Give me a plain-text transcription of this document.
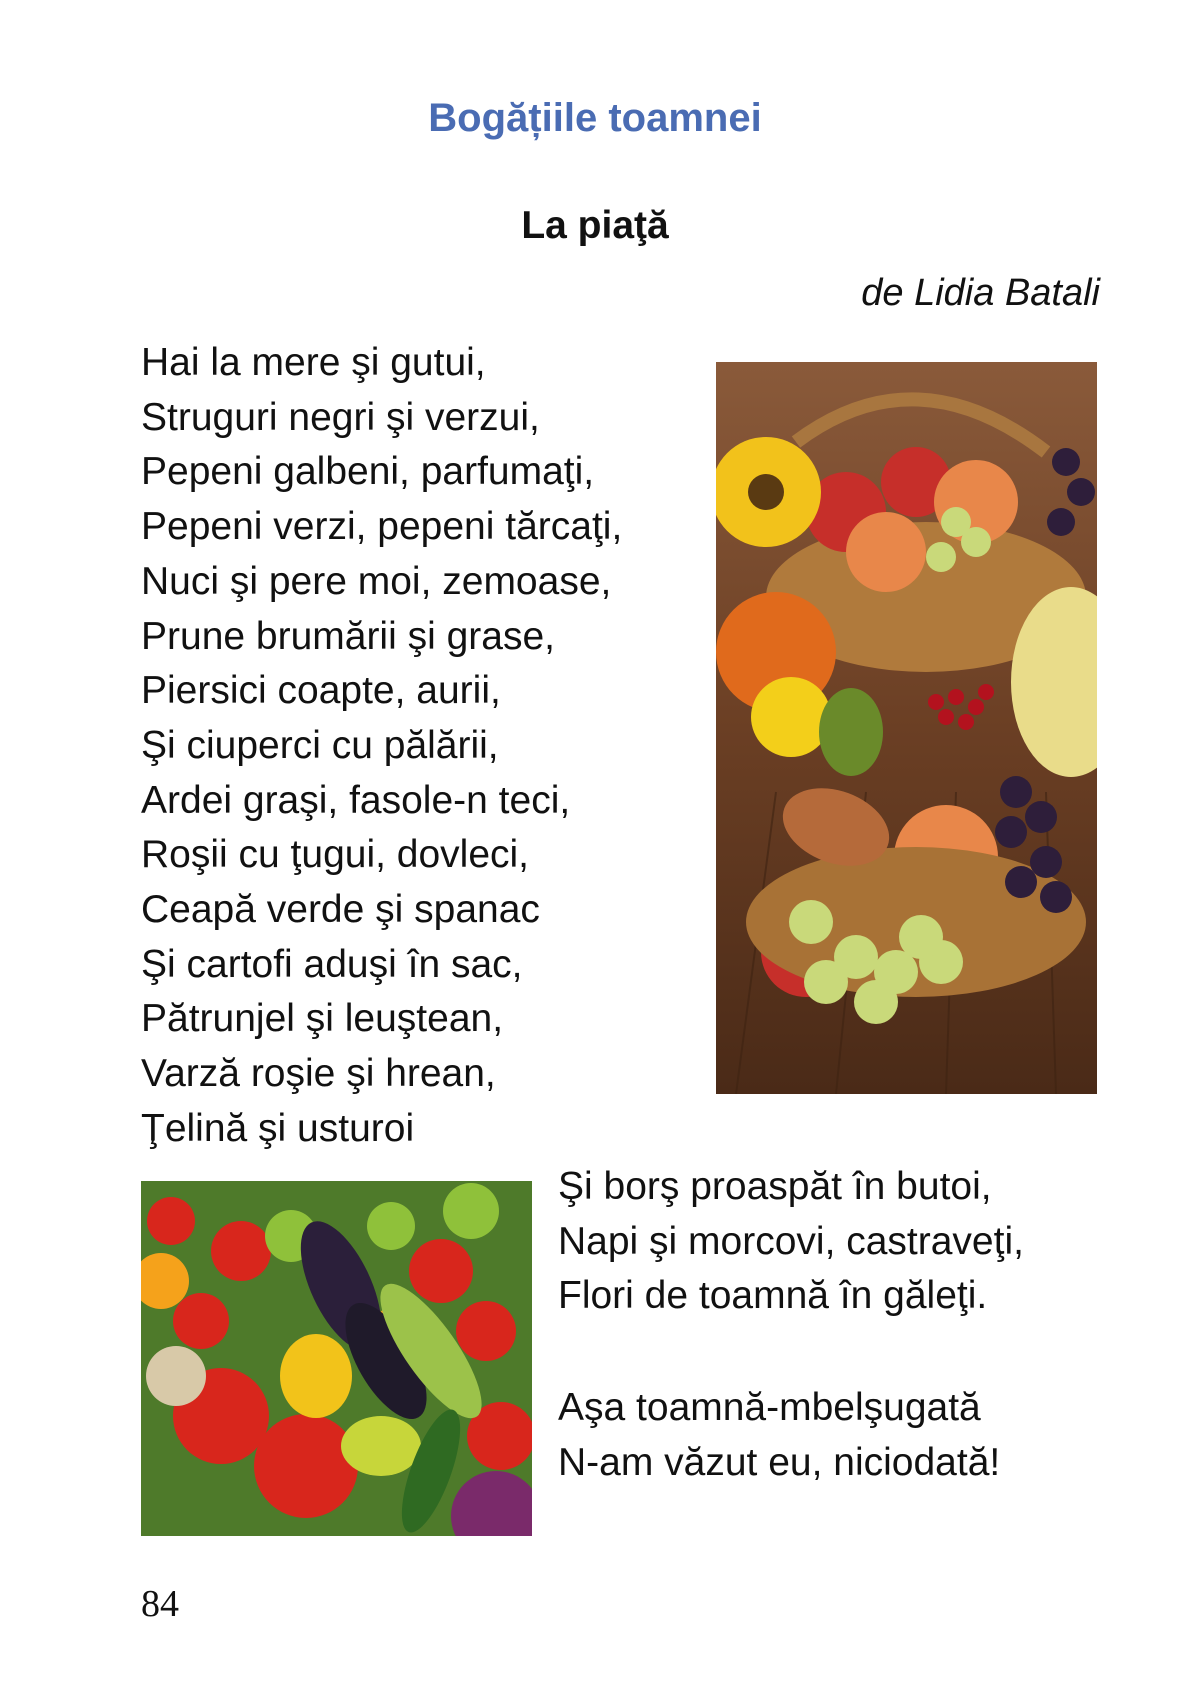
Bogățiile toamnei
La piaţă
de Lidia Batali
Hai la mere şi gutui,
Struguri negri şi verzui,
Pepeni galbeni, parfumaţi,
Pepeni verzi, pepeni tărcaţi,
Nuci şi pere moi, zemoase,
Prune brumării şi grase,
Piersici coapte, aurii,
Şi ciuperci cu pălării,
Ardei graşi, fasole-n teci,
Roşii cu ţugui, dovleci,
Ceapă verde şi spanac
Şi cartofi aduşi în sac,
Pătrunjel şi leuştean,
Varză roşie şi hrean,
Ţelină şi usturoi
Şi borş proaspăt în butoi,
Napi şi morcovi, castraveţi,
Flori de toamnă în găleţi.
Aşa toamnă-mbelşugată
N-am văzut eu, niciodată!
84
